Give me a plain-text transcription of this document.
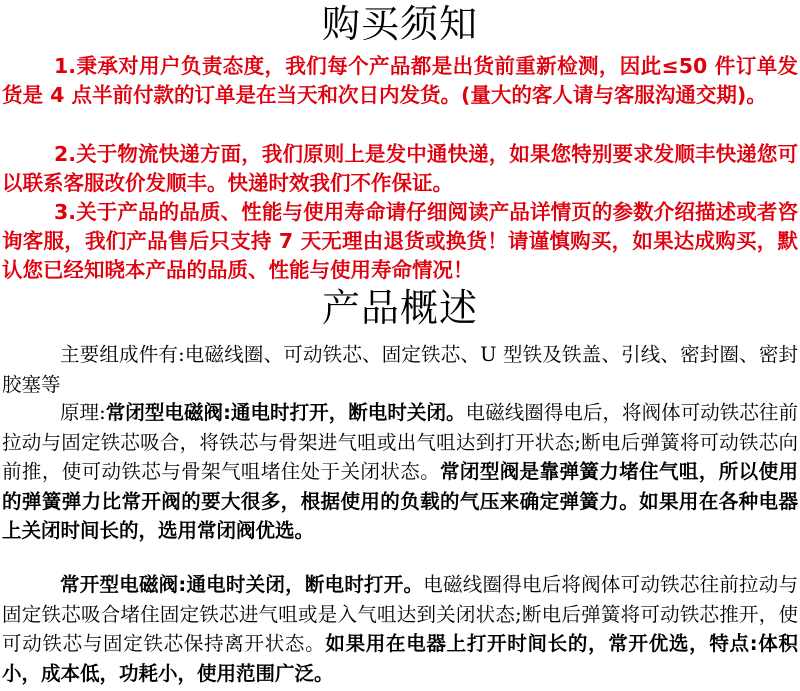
购买须知
1.秉承对用户负责态度，我们每个产品都是出货前重新检测，因此≤50 件订单发货是 4 点半前付款的订单是在当天和次日内发货。(量大的客人请与客服沟通交期)。
2.关于物流快递方面，我们原则上是发中通快递，如果您特别要求发顺丰快递您可以联系客服改价发顺丰。快递时效我们不作保证。
3.关于产品的品质、性能与使用寿命请仔细阅读产品详情页的参数介绍描述或者咨询客服，我们产品售后只支持 7 天无理由退货或换货！请谨慎购买，如果达成购买，默认您已经知晓本产品的品质、性能与使用寿命情况！
产品概述
主要组成件有:电磁线圈、可动铁芯、固定铁芯、U 型铁及铁盖、引线、密封圈、密封胶塞等
原理:常闭型电磁阀:通电时打开，断电时关闭。电磁线圈得电后，将阀体可动铁芯往前拉动与固定铁芯吸合，将铁芯与骨架进气咀或出气咀达到打开状态;断电后弹簧将可动铁芯向前推，使可动铁芯与骨架气咀堵住处于关闭状态。常闭型阀是靠弹簧力堵住气咀，所以使用的弹簧弹力比常开阀的要大很多，根据使用的负载的气压来确定弹簧力。如果用在各种电器上关闭时间长的，选用常闭阀优选。
常开型电磁阀:通电时关闭，断电时打开。电磁线圈得电后将阀体可动铁芯往前拉动与固定铁芯吸合堵住固定铁芯进气咀或是入气咀达到关闭状态;断电后弹簧将可动铁芯推开，使可动铁芯与固定铁芯保持离开状态。如果用在电器上打开时间长的，常开优选，特点:体积小，成本低，功耗小，使用范围广泛。
